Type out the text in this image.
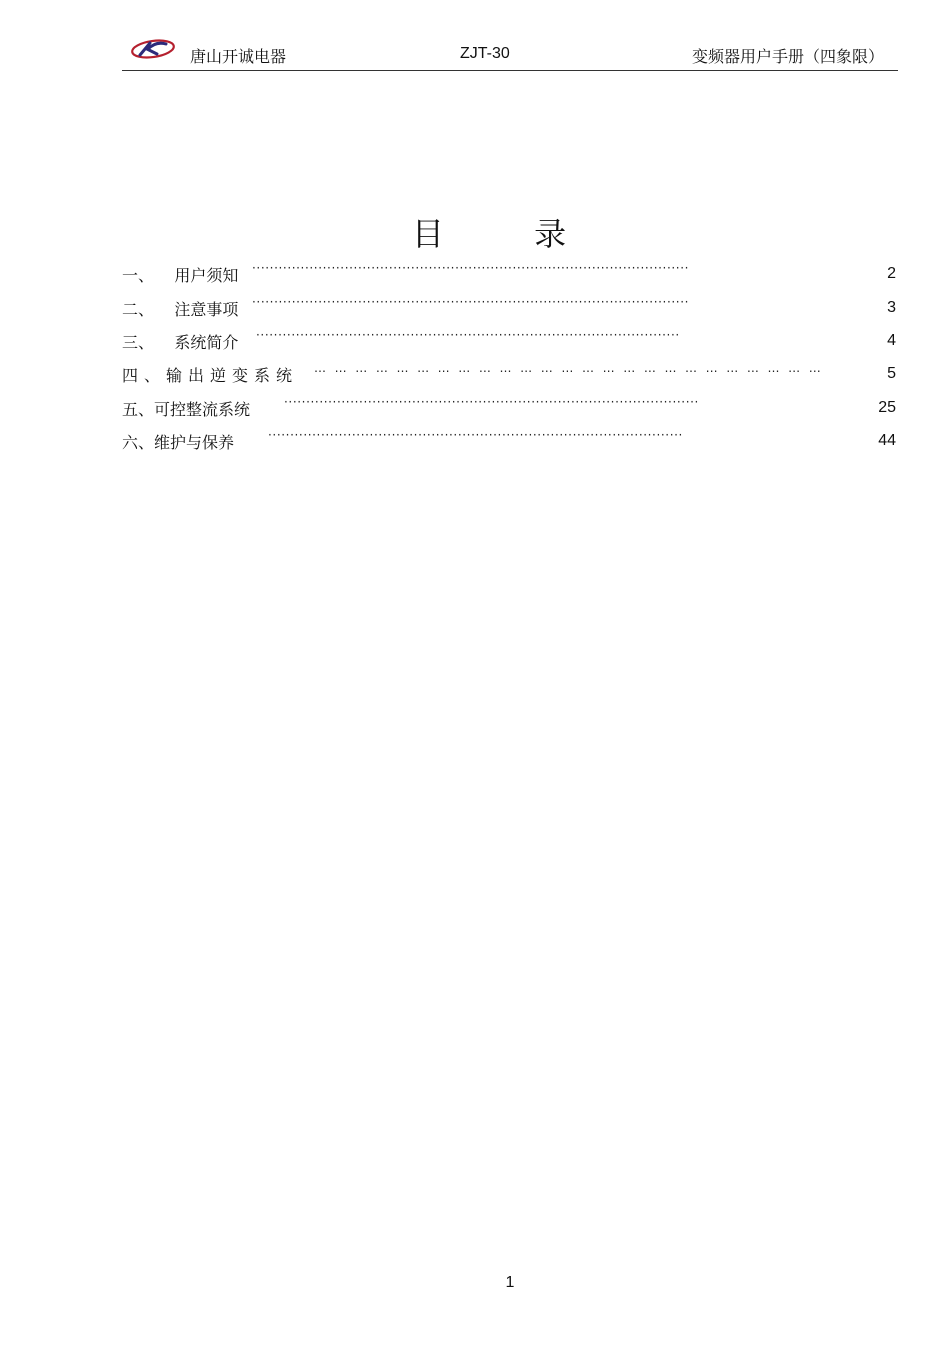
唐山开诚电器	ZJT-30	变频器用户手册（四象限）
目 录
一、    用户须知 ···································································································	2
二、    注意事项 ···································································································	3
三、    系统简介 ································································································	4
四、输出逆变系统 … … … … … … … … … … … … … … … … … … … … … … … … …	5
五、可控整流系统	······························································································	25
六、维护与保养	······························································································	44
1
